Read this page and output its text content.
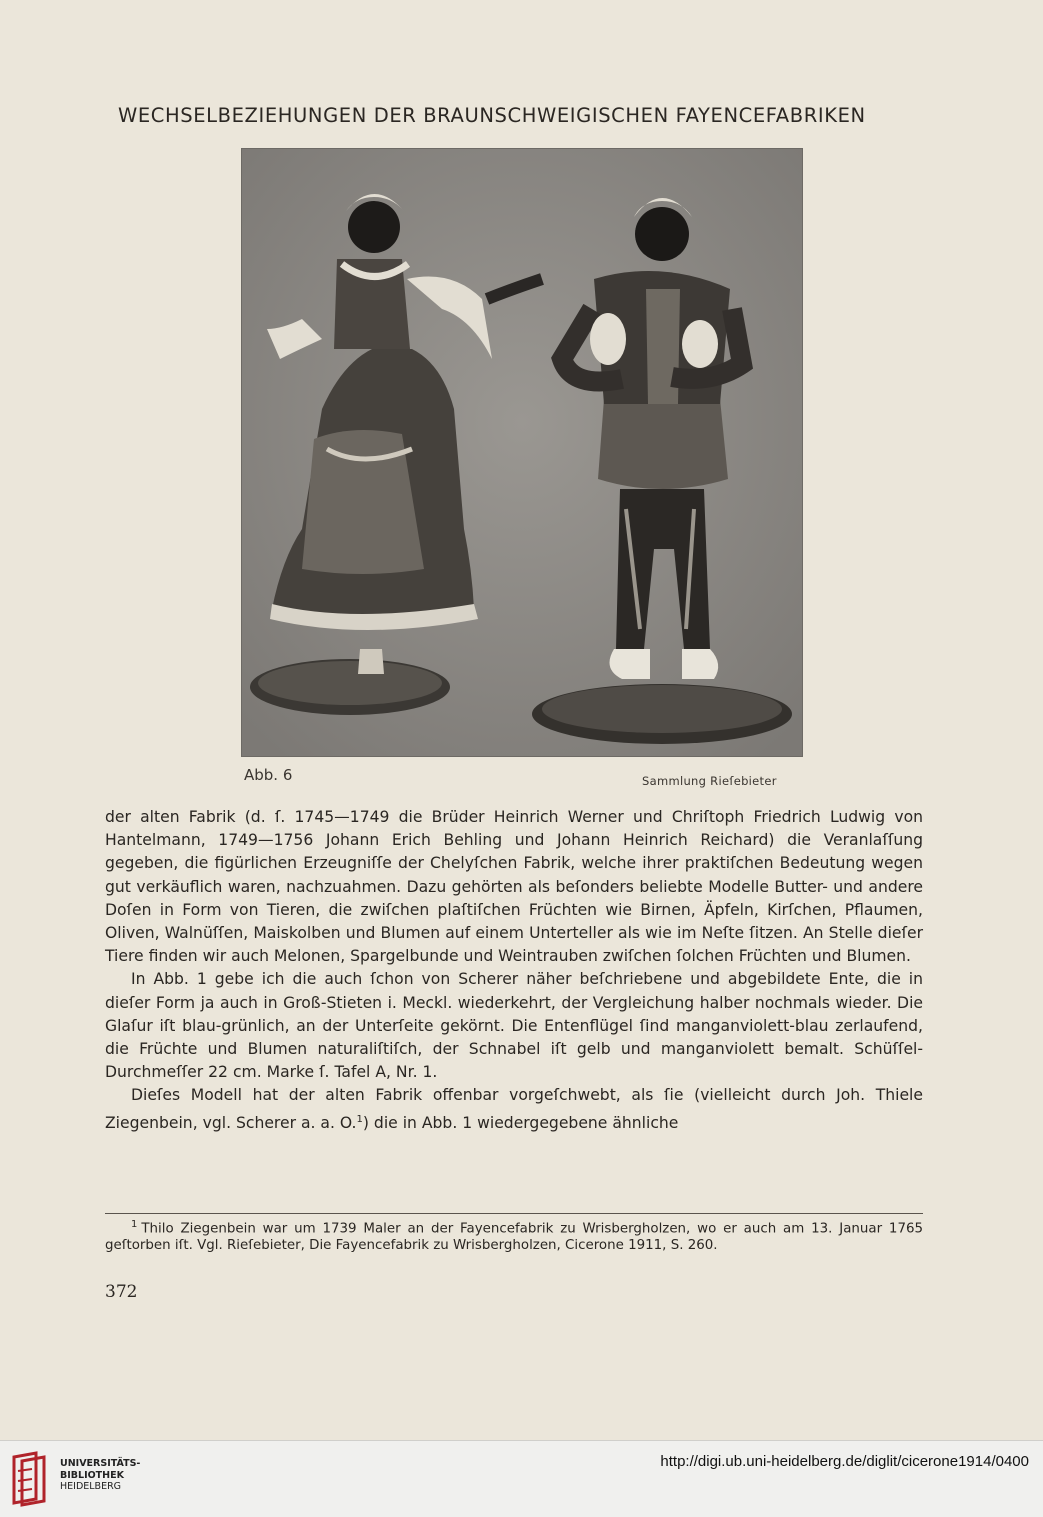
WECHSELBEZIEHUNGEN DER BRAUNSCHWEIGISCHEN FAYENCEFABRIKEN
Abb. 6	Sammlung Rieſebieter

der alten Fabrik (d. ſ. 1745—1749 die Brüder Heinrich Werner und Chriſtoph Friedrich Ludwig von Hantelmann, 1749—1756 Johann Erich Behling und Johann Heinrich Reichard) die Veranlaſſung gegeben, die figürlichen Erzeugniſſe der Chelyſchen Fabrik, welche ihrer praktiſchen Bedeutung wegen gut verkäuflich waren, nachzuahmen. Dazu gehörten als beſonders beliebte Modelle Butter- und andere Doſen in Form von Tieren, die zwiſchen plaſtiſchen Früchten wie Birnen, Äpfeln, Kirſchen, Pflaumen, Oliven, Walnüſſen, Maiskolben und Blumen auf einem Unterteller als wie im Neſte ſitzen. An Stelle dieſer Tiere finden wir auch Melonen, Spargelbunde und Weintrauben zwiſchen ſolchen Früchten und Blumen.

In Abb. 1 gebe ich die auch ſchon von Scherer näher beſchriebene und abgebildete Ente, die in dieſer Form ja auch in Groß-Stieten i. Meckl. wiederkehrt, der Vergleichung halber nochmals wieder. Die Glaſur iſt blau-grünlich, an der Unterſeite gekörnt. Die Entenflügel ſind manganviolett-blau zerlaufend, die Früchte und Blumen naturaliſtiſch, der Schnabel iſt gelb und manganviolett bemalt. Schüſſel-Durchmeſſer 22 cm. Marke ſ. Tafel A, Nr. 1.

Dieſes Modell hat der alten Fabrik offenbar vorgeſchwebt, als ſie (vielleicht durch Joh. Thiele Ziegenbein, vgl. Scherer a. a. O.$^1$) die in Abb. 1 wiedergegebene ähnliche

$^1$ Thilo Ziegenbein war um 1739 Maler an der Fayencefabrik zu Wrisbergholzen, wo er auch am 13. Januar 1765 geſtorben iſt. Vgl. Rieſebieter, Die Fayencefabrik zu Wrisbergholzen, Cicerone 1911, S. 260.
372
UNIVERSITÄTS-
BIBLIOTHEK
HEIDELBERG
http://digi.ub.uni-heidelberg.de/diglit/cicerone1914/0400
